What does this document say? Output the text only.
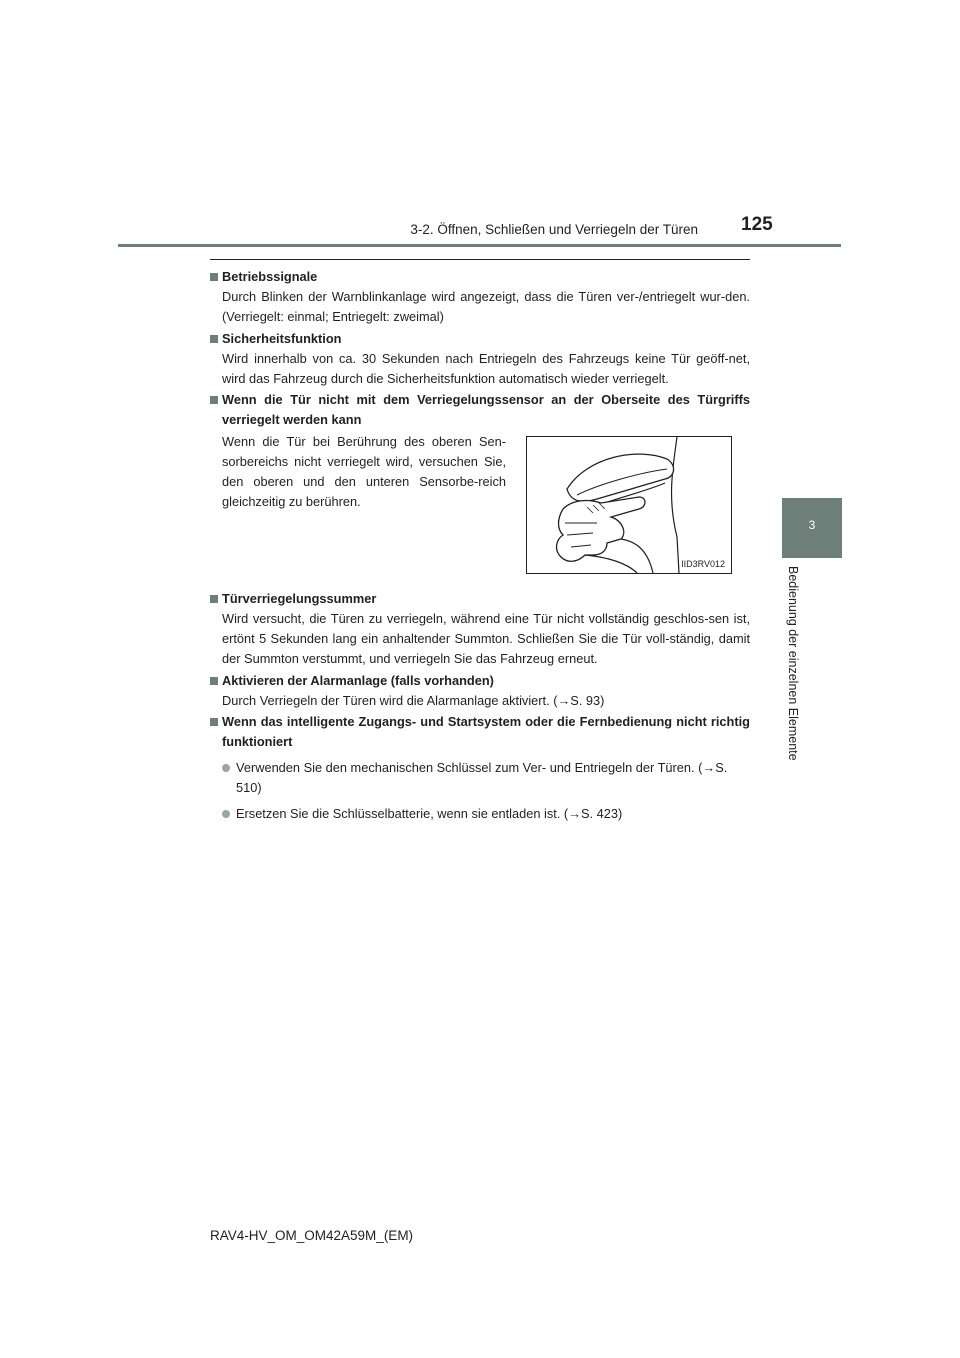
3-2. Öffnen, Schließen und Verriegeln der Türen 125
3
Bedienung der einzelnen Elemente
Betriebssignale
Durch Blinken der Warnblinkanlage wird angezeigt, dass die Türen ver-/entriegelt wur-den. (Verriegelt: einmal; Entriegelt: zweimal)
Sicherheitsfunktion
Wird innerhalb von ca. 30 Sekunden nach Entriegeln des Fahrzeugs keine Tür geöff-net, wird das Fahrzeug durch die Sicherheitsfunktion automatisch wieder verriegelt.
Wenn die Tür nicht mit dem Verriegelungssensor an der Oberseite des Türgriffs verriegelt werden kann
Wenn die Tür bei Berührung des oberen Sen-sorbereichs nicht verriegelt wird, versuchen Sie, den oberen und den unteren Sensorbe-reich gleichzeitig zu berühren.
IID3RV012
Türverriegelungssummer
Wird versucht, die Türen zu verriegeln, während eine Tür nicht vollständig geschlos-sen ist, ertönt 5 Sekunden lang ein anhaltender Summton. Schließen Sie die Tür voll-ständig, damit der Summton verstummt, und verriegeln Sie das Fahrzeug erneut.
Aktivieren der Alarmanlage (falls vorhanden)
Durch Verriegeln der Türen wird die Alarmanlage aktiviert. (→S. 93)
Wenn das intelligente Zugangs- und Startsystem oder die Fernbedienung nicht richtig funktioniert
Verwenden Sie den mechanischen Schlüssel zum Ver- und Entriegeln der Türen. (→S. 510)
Ersetzen Sie die Schlüsselbatterie, wenn sie entladen ist. (→S. 423)
RAV4-HV_OM_OM42A59M_(EM)
